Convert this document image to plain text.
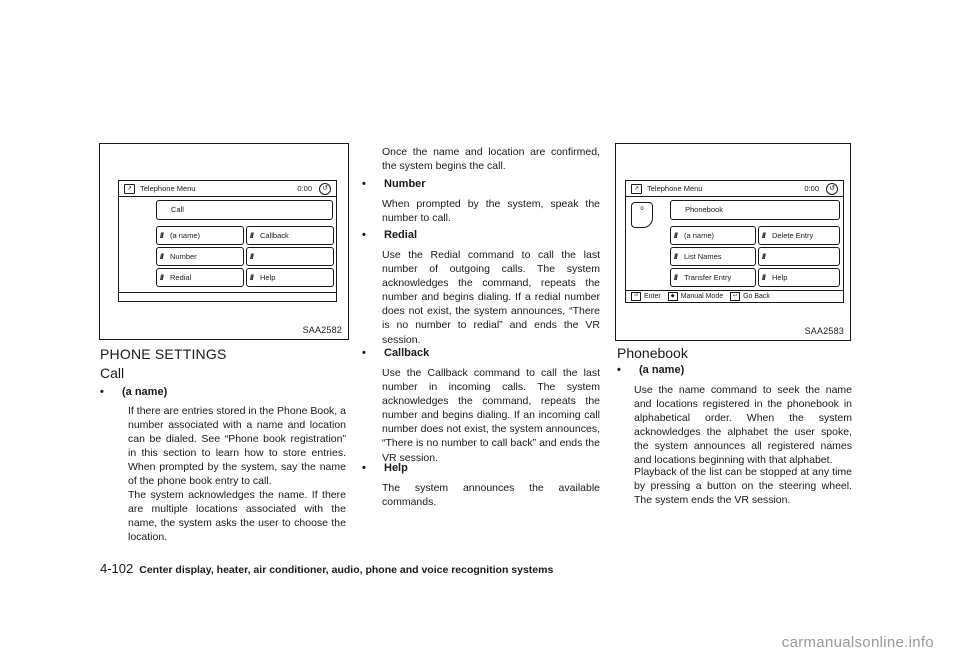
↗	Telephone Menu	0:00	↺
Call
/// (a name)	/// Callback
/// Number	///
/// Redial	/// Help
SAA2582
↗	Telephone Menu	0:00	↺
o	Phonebook
/// (a name)	/// Delete Entry
/// List Names	///
/// Transfer Entry	/// Help
⏎ Enter ◆ Manual Mode ↩ Go Back
SAA2583
PHONE SETTINGS
Call
• (a name)

If there are entries stored in the Phone Book, a number associated with a name and location can be dialed. See “Phone book registration” in this section to learn how to store entries. When prompted by the system, say the name of the phone book entry to call.

The system acknowledges the name. If there are multiple locations associated with the name, the system asks the user to choose the location.

Once the name and location are confirmed, the system begins the call.

• Number

When prompted by the system, speak the number to call.

• Redial

Use the Redial command to call the last number of outgoing calls. The system acknowledges the command, repeats the number and begins dialing. If a redial number does not exist, the system announces, “There is no number to redial” and ends the VR session.

• Callback

Use the Callback command to call the last number in incoming calls. The system acknowledges the command, repeats the number and begins dialing. If an incoming call number does not exist, the system announces, “There is no number to call back” and ends the VR session.

• Help

The system announces the available commands.

Phonebook
• (a name)

Use the name command to seek the name and locations registered in the phonebook in alphabetical order. When the system acknowledges the alphabet the user spoke, the system announces all registered names and locations beginning with that alphabet.

Playback of the list can be stopped at any time by pressing a button on the steering wheel. The system ends the VR session.

4-102 Center display, heater, air conditioner, audio, phone and voice recognition systems
carmanualsonline.info
